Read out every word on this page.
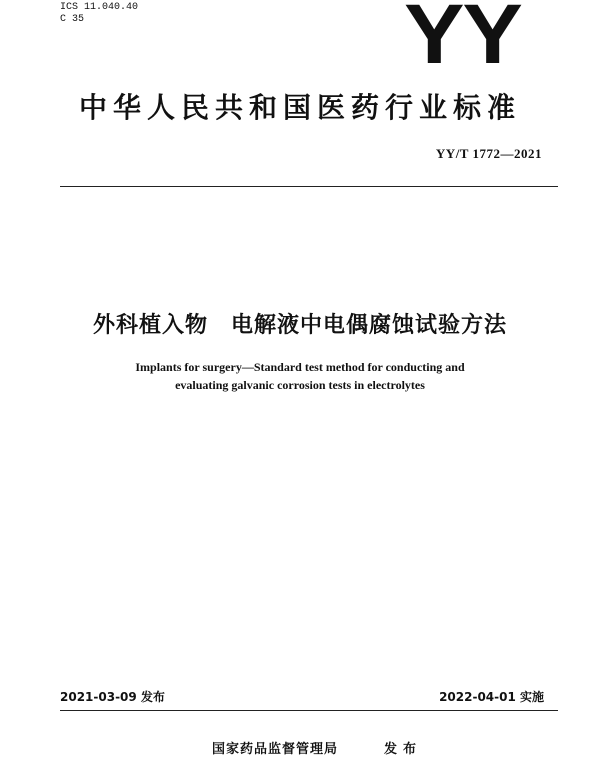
ICS 11.040.40
C 35	YY
中华人民共和国医药行业标准
YY/T 1772—2021
外科植入物　电解液中电偶腐蚀试验方法
Implants for surgery—Standard test method for conducting and
evaluating galvanic corrosion tests in electrolytes
2021-03-09 发布	2022-04-01 实施
国家药品监督管理局	发布
